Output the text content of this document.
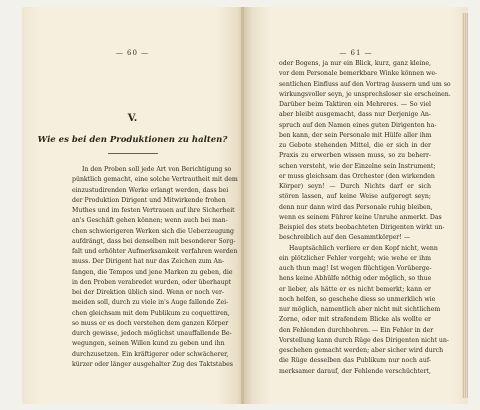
— 60 —
V.
Wie es bei den Produktionen zu halten?
In den Proben soll jede Art von Berichtigung so
pünktlich gemacht, eine solche Vertrautheit mit dem
einzustudirenden Werke erlangt werden, dass bei
der Produktion Dirigent und Mitwirkende frohen
Muthes und im festen Vertrauen auf ihre Sicherheit
an's Geschäft gehen können; wenn auch bei man-
chen schwierigeren Werken sich die Ueberzeugung
aufdrängt, dass bei denselben mit besonderer Sorg-
falt und erhöhter Aufmerksamkeit verfahren werden
muss. Der Dirigent hat nur das Zeichen zum An-
fangen, die Tempos und jene Marken zu geben, die
in den Proben verabredet wurden, oder überhaupt
bei der Direktion üblich sind. Wenn er noch ver-
meiden soll, durch zu viele in's Auge fallende Zei-
chen gleichsam mit dem Publikum zu coquettiren,
so muss er es doch verstehen dem ganzen Körper
durch gewisse, jedoch möglichst unauffallende Be-
wegungen, seinen Willen kund zu geben und ihn
durchzusetzen. Ein kräftigerer oder schwächerer,
kürzer oder länger ausgehalter Zug des Taktstabes
— 61 —
oder Bogens, ja nur ein Blick, kurz, ganz kleine,
vor dem Personale bemerkbare Winke können we-
sentlichen Einfluss auf den Vortrag äussern und um so
wirkungsvoller seyn, je unsprechsloser sie erscheinen.
Darüber beim Taktiren ein Mehreres. — So viel
aber bleibt ausgemacht, dass nur Derjenige An-
spruch auf den Namen eines guten Dirigenten ha-
ben kann, der sein Personale mit Hülfe aller ihm
zu Gebote stehenden Mittel, die er sich in der
Praxis zu erwerben wissen muss, so zu beherr-
schen versteht, wie der Einzelne sein Instrument;
er muss gleichsam das Orchester (den wirkenden
Körper) seyn! — Durch Nichts darf er sich
stören lassen, auf keine Weise aufgeregt seyn;
denn nur dann wird das Personale ruhig bleiben,
wenn es seinem Führer keine Unruhe anmerkt. Das
Beispiel des stets beobachteten Dirigenten wirkt un-
beschreiblich auf den Gesammtkörper! —
Hauptsächlich verliere er den Kopf nicht, wenn
ein plötzlicher Fehler vorgeht; wie wehe er ihm
auch thun mag! Ist wegen flüchtigen Vorüberge-
hens keine Abhülfe nöthig oder möglich, so thue
er lieber, als hätte er es nicht bemerkt; kann er
noch helfen, so geschehe diess so unmerklich wie
nur möglich, namentlich aber nicht mit sichtlichem
Zorne, oder mit strafendem Blicke als wollte er
den Fehlenden durchbohren. — Ein Fehler in der
Vorstellung kann durch Rüge des Dirigenten nicht un-
geschehen gemacht werden; aber sicher wird durch
die Rüge desselben das Publikum nur noch auf-
merksamer darauf, der Fehlende verschüchtert,
